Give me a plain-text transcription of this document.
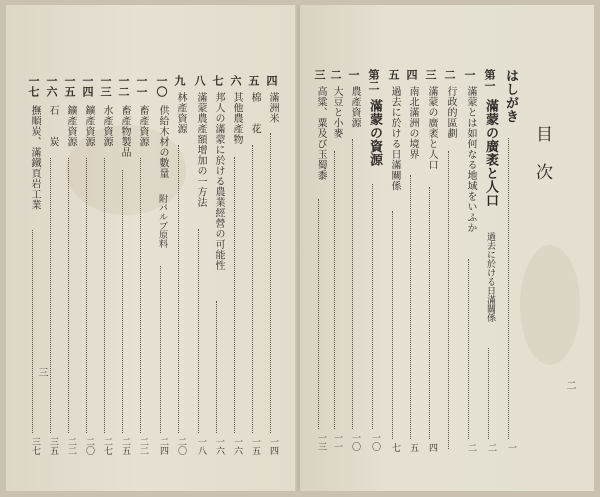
三
四
滿洲米
一四
五
棉　　花
一五
六
其他農產物
一六
七
邦人の滿蒙に於ける農業經營の可能性
一六
八
滿蒙農產額增加の一方法
一八
九
林產資源
二〇
一〇
供給木材の數量
附パルプ原料
二四
一一
畜產資源
二二
一二
畜產物製品
二五
一三
水產資源
二七
一四
鑛產資源
二〇
一五
鑛產資源
二二
一六
石　　炭
三五
一七
撫順炭、滿鐵頁岩工業
三七
目　次
二
はしがき
一
第一
滿蒙の廣袤と人口
過去に於ける日滿關係
二
一
滿蒙とは如何なる地域をいふか
二
二
行政的區劃
三
滿蒙の廣袤と人口
四
四
南北滿洲の境界
五
五
過去に於ける日滿關係
七
第二
滿蒙の資源
一〇
一
農產資源
一〇
二
大豆と小麥
一一
三
高粱、粟及び玉蜀黍
一三
